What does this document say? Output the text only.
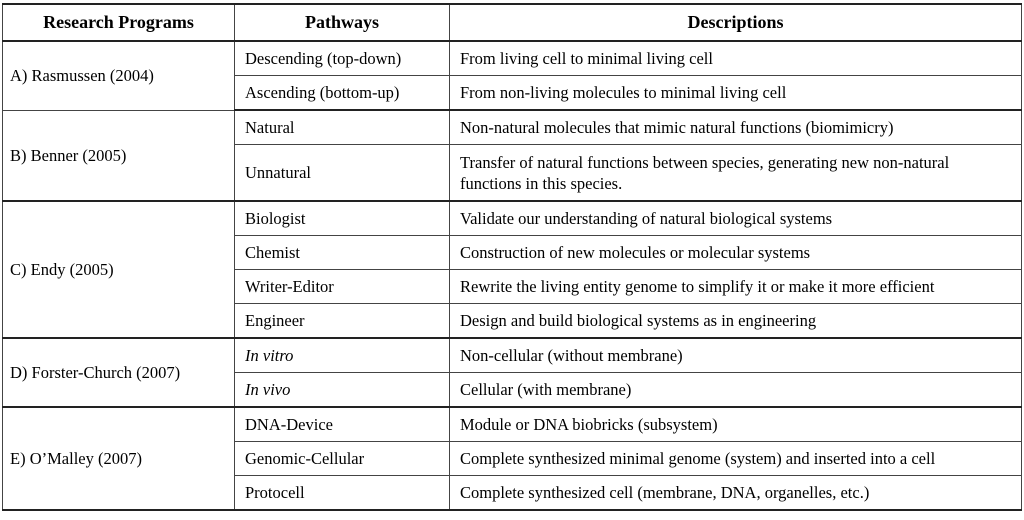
Research Programs	Pathways	Descriptions
A) Rasmussen (2004)	Descending (top-down)	From living cell to minimal living cell
	Ascending (bottom-up)	From non-living molecules to minimal living cell
B) Benner (2005)	Natural	Non-natural molecules that mimic natural functions (biomimicry)
	Unnatural	Transfer of natural functions between species, generating new non-natural functions in this species.
C) Endy (2005)	Biologist	Validate our understanding of natural biological systems
	Chemist	Construction of new molecules or molecular systems
	Writer-Editor	Rewrite the living entity genome to simplify it or make it more efficient
	Engineer	Design and build biological systems as in engineering
D) Forster-Church (2007)	In vitro	Non-cellular (without membrane)
	In vivo	Cellular (with membrane)
E) O’Malley (2007)	DNA-Device	Module or DNA biobricks (subsystem)
	Genomic-Cellular	Complete synthesized minimal genome (system) and inserted into a cell
	Protocell	Complete synthesized cell (membrane, DNA, organelles, etc.)
